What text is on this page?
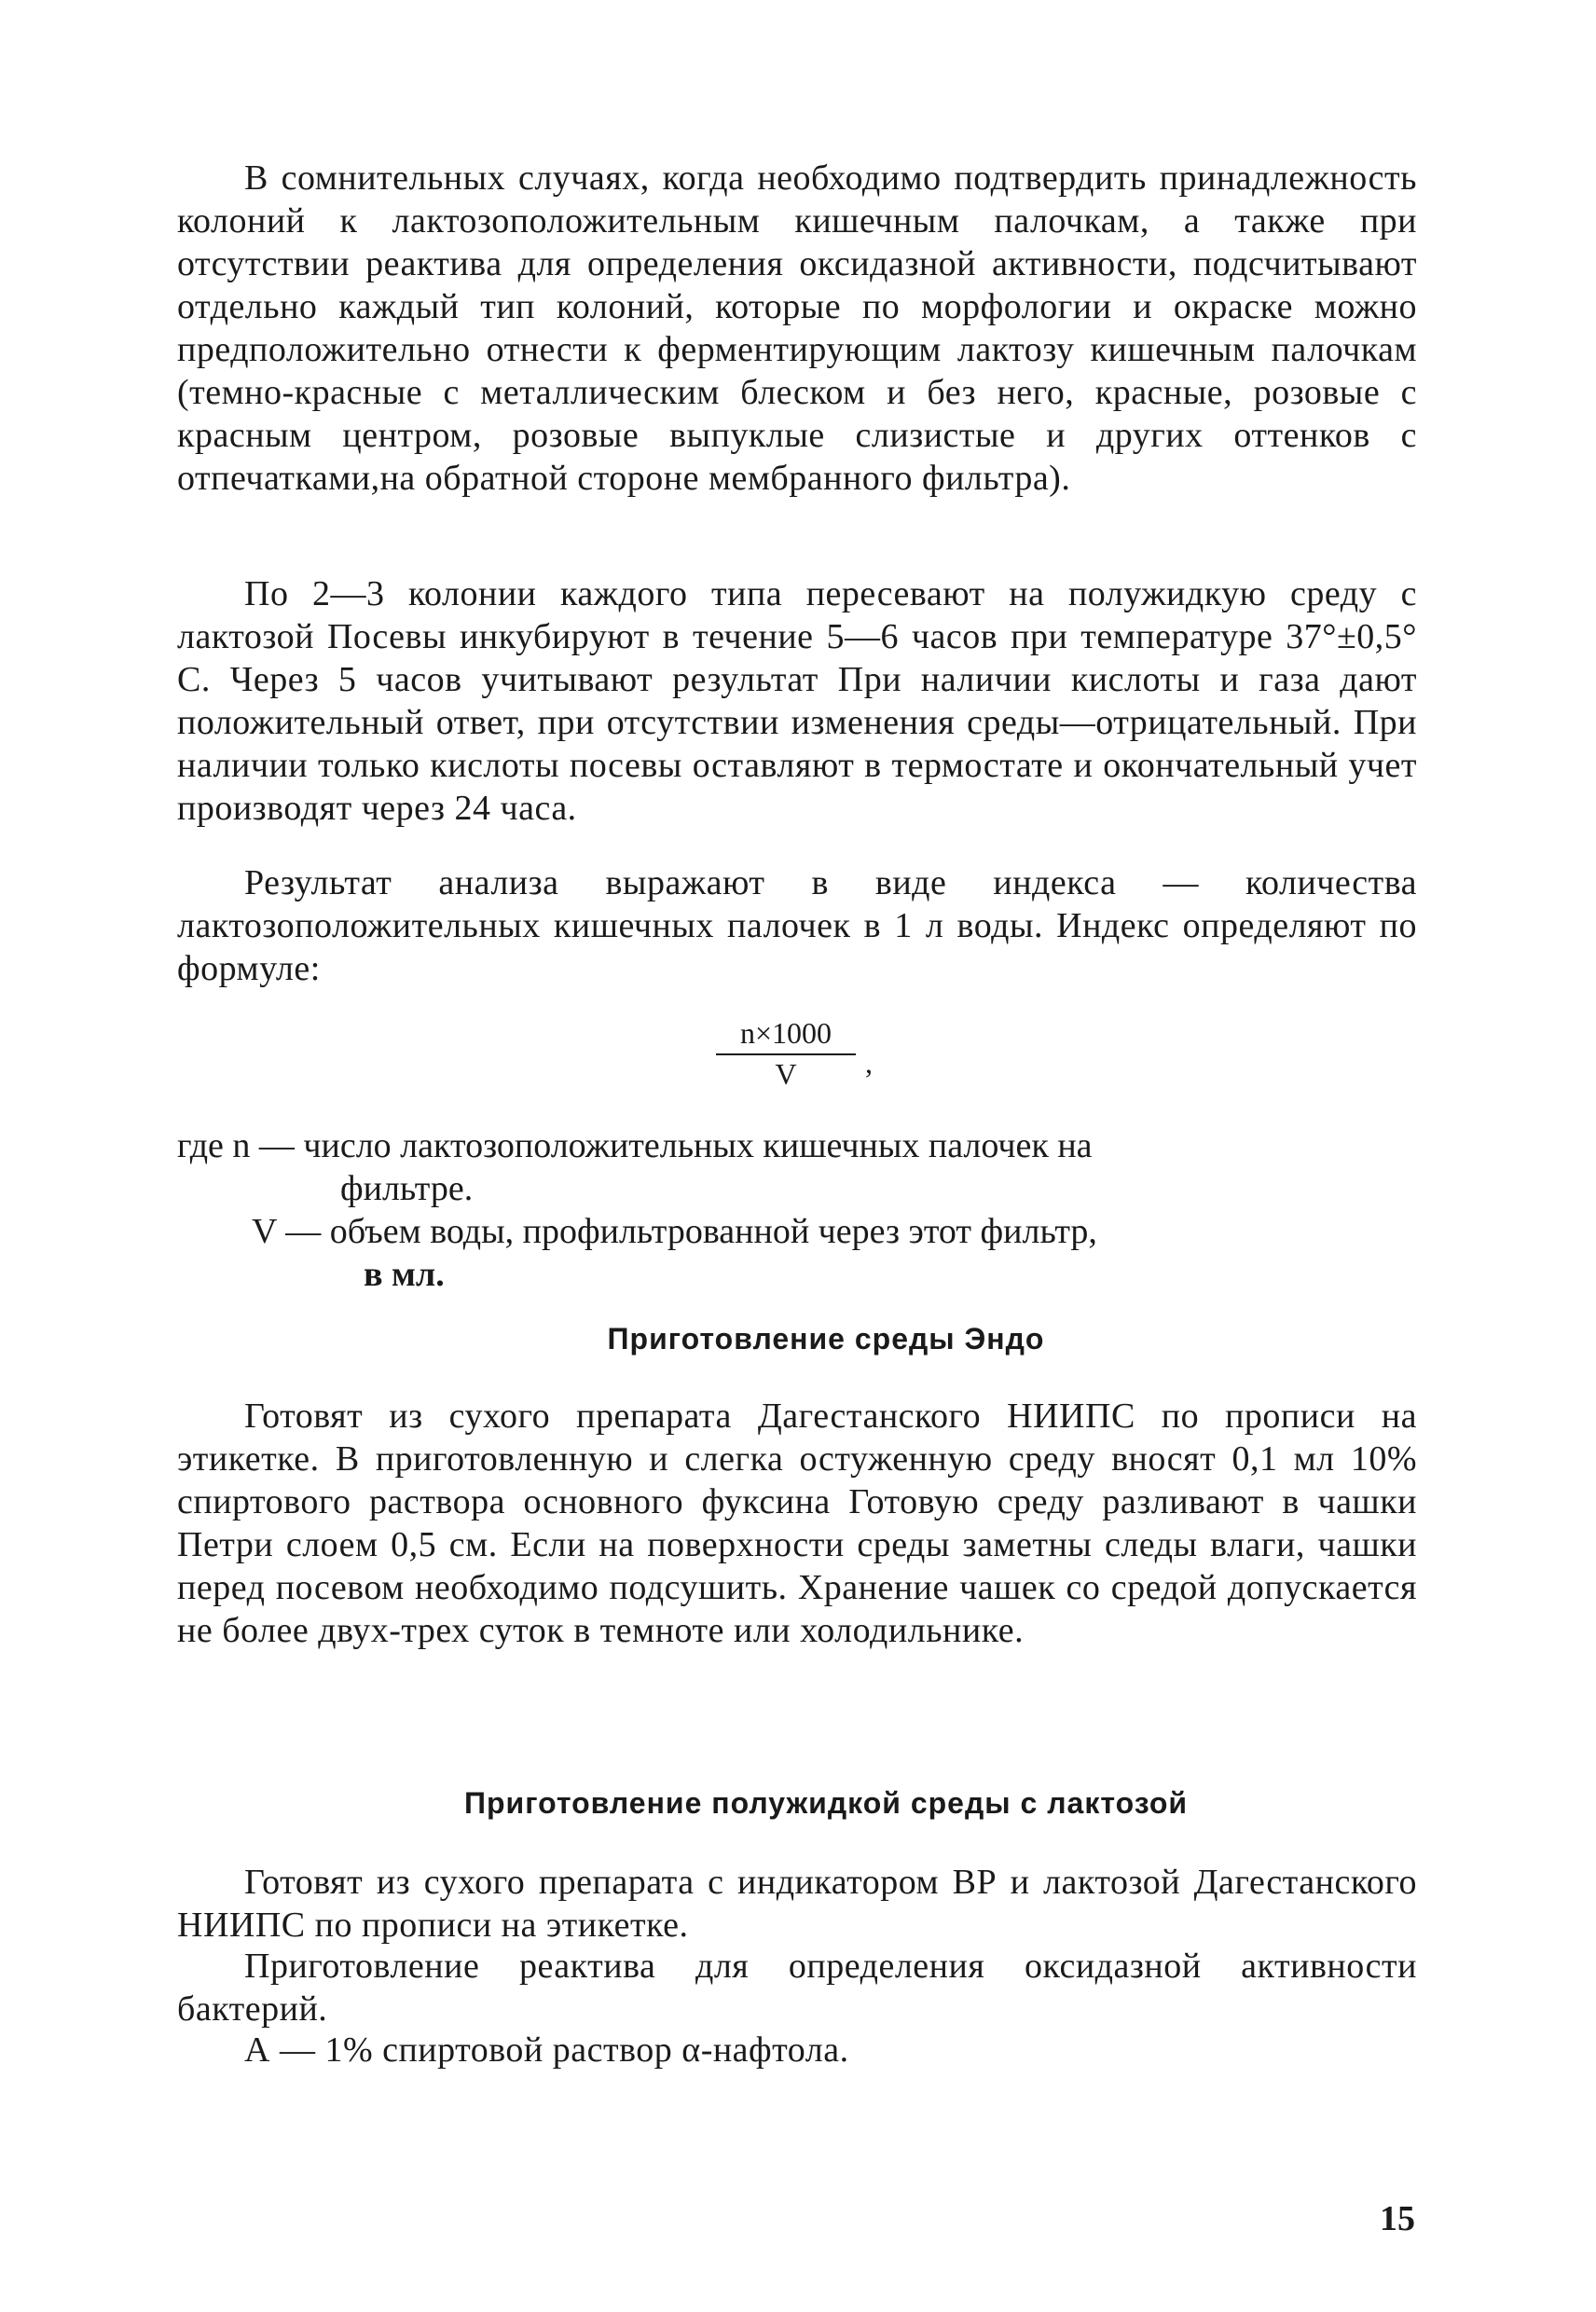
В сомнительных случаях, когда необходимо подтвердить принадлежность колоний к лактозоположительным кишечным палочкам, а также при отсутствии реактива для определения оксидазной активности, подсчитывают отдельно каждый тип колоний, которые по морфологии и окраске можно предположительно отнести к ферментирующим лактозу кишечным палочкам (темно-красные с металлическим блеском и без него, красные, розовые с красным центром, розовые выпуклые слизистые и других оттенков с отпечатками,на обратной стороне мембранного фильтра).

По 2—3 колонии каждого типа пересевают на полужидкую среду с лактозой Посевы инкубируют в течение 5—6 часов при температуре 37°±0,5° С. Через 5 часов учитывают результат При наличии кислоты и газа дают положительный ответ, при отсутствии изменения среды—отрицательный. При наличии только кислоты посевы оставляют в термостате и окончательный учет производят через 24 часа.

Результат анализа выражают в виде индекса — количества лактозоположительных кишечных палочек в 1 л воды. Индекс определяют по формуле:

$\frac{n\times 1000}{V}$ ,
где n — число лактозоположительных кишечных палочек на
фильтре.
V — объем воды, профильтрованной через этот фильтр,
в мл.
Приготовление среды Эндо

Готовят из сухого препарата Дагестанского НИИПС по прописи на этикетке. В приготовленную и слегка остуженную среду вносят 0,1 мл 10% спиртового раствора основного фуксина Готовую среду разливают в чашки Петри слоем 0,5 см. Если на поверхности среды заметны следы влаги, чашки перед посевом необходимо подсушить. Хранение чашек со средой допускается не более двух-трех суток в темноте или холодильнике.

Приготовление полужидкой среды с лактозой

Готовят из сухого препарата с индикатором ВР и лактозой Дагестанского НИИПС по прописи на этикетке.

Приготовление реактива для определения оксидазной активности бактерий.

А — 1% спиртовой раствор α-нафтола.

15
